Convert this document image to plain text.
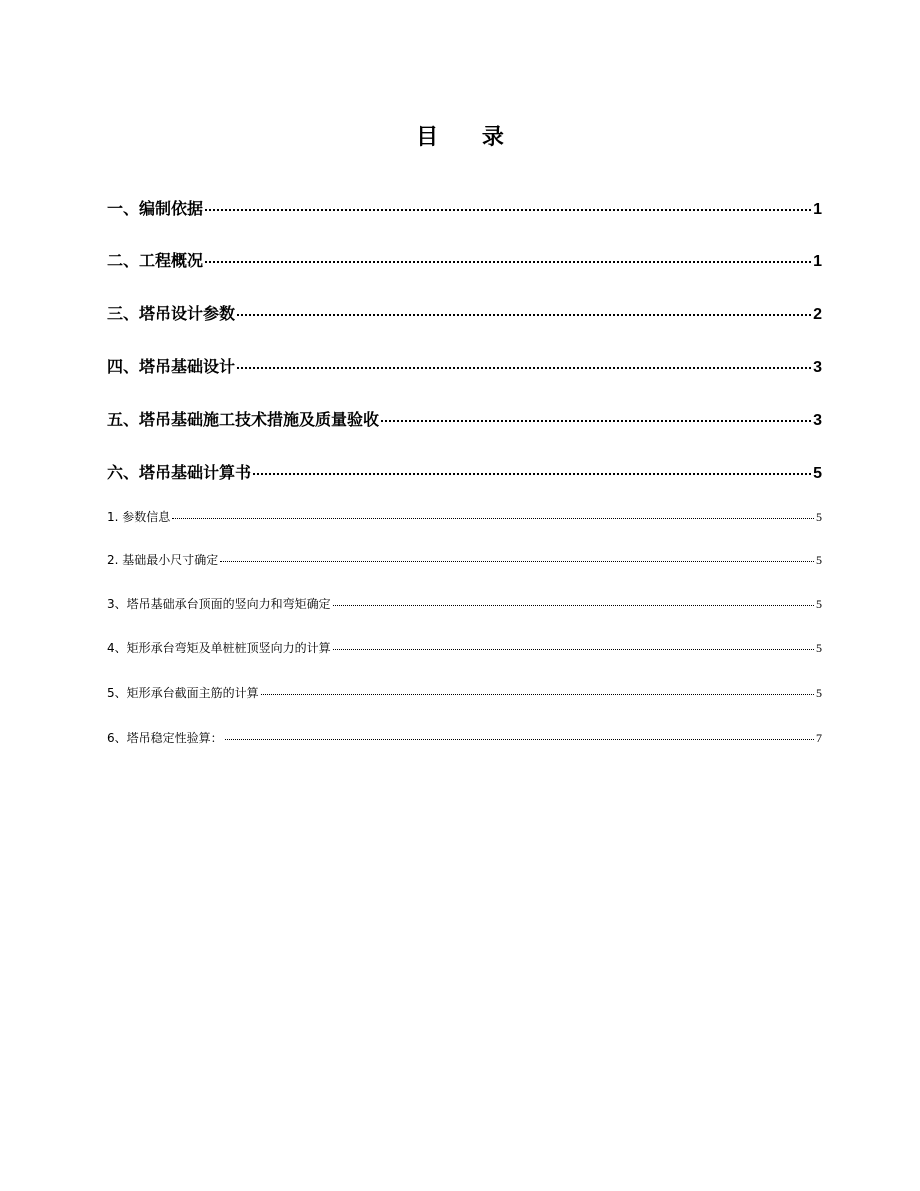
目 录
一、编制依据	1
二、工程概况	1
三、塔吊设计参数	2
四、塔吊基础设计	3
五、塔吊基础施工技术措施及质量验收	3
六、塔吊基础计算书	5
1. 参数信息	5
2. 基础最小尺寸确定	5
3、塔吊基础承台顶面的竖向力和弯矩确定	5
4、矩形承台弯矩及单桩桩顶竖向力的计算	5
5、矩形承台截面主筋的计算	5
6、塔吊稳定性验算：	7
